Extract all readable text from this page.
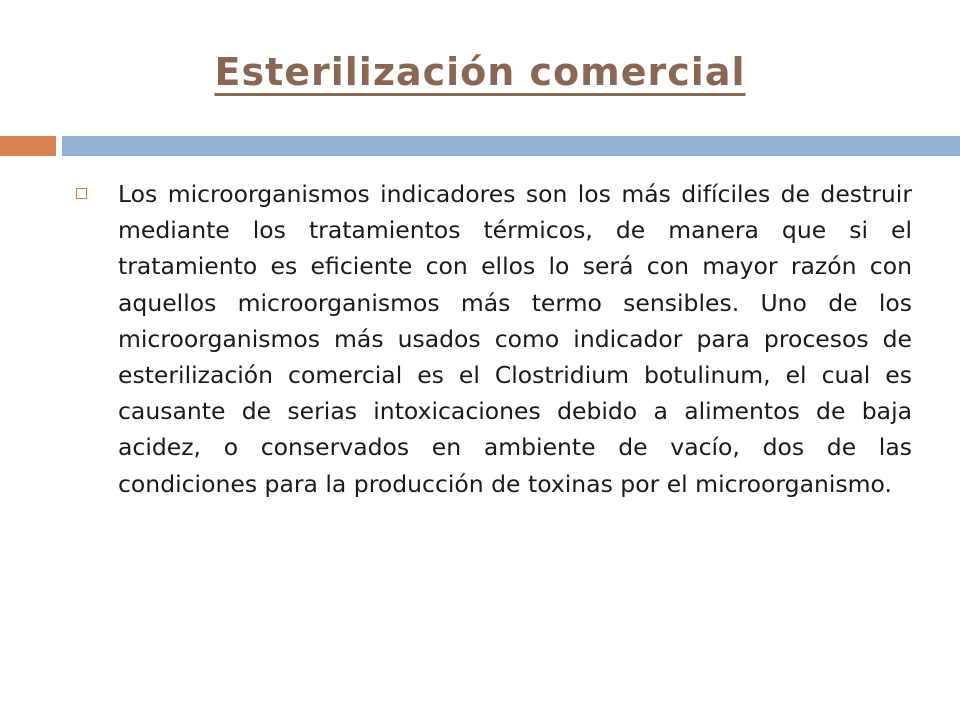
Esterilización comercial

Los microorganismos indicadores son los más difíciles de destruir mediante los tratamientos térmicos, de manera que si el tratamiento es eficiente con ellos lo será con mayor razón con aquellos microorganismos más termo sensibles. Uno de los microorganismos más usados como indicador para procesos de esterilización comercial es el Clostridium botulinum, el cual es causante de serias intoxicaciones debido a alimentos de baja acidez, o conservados en ambiente de vacío, dos de las condiciones para la producción de toxinas por el microorganismo.
